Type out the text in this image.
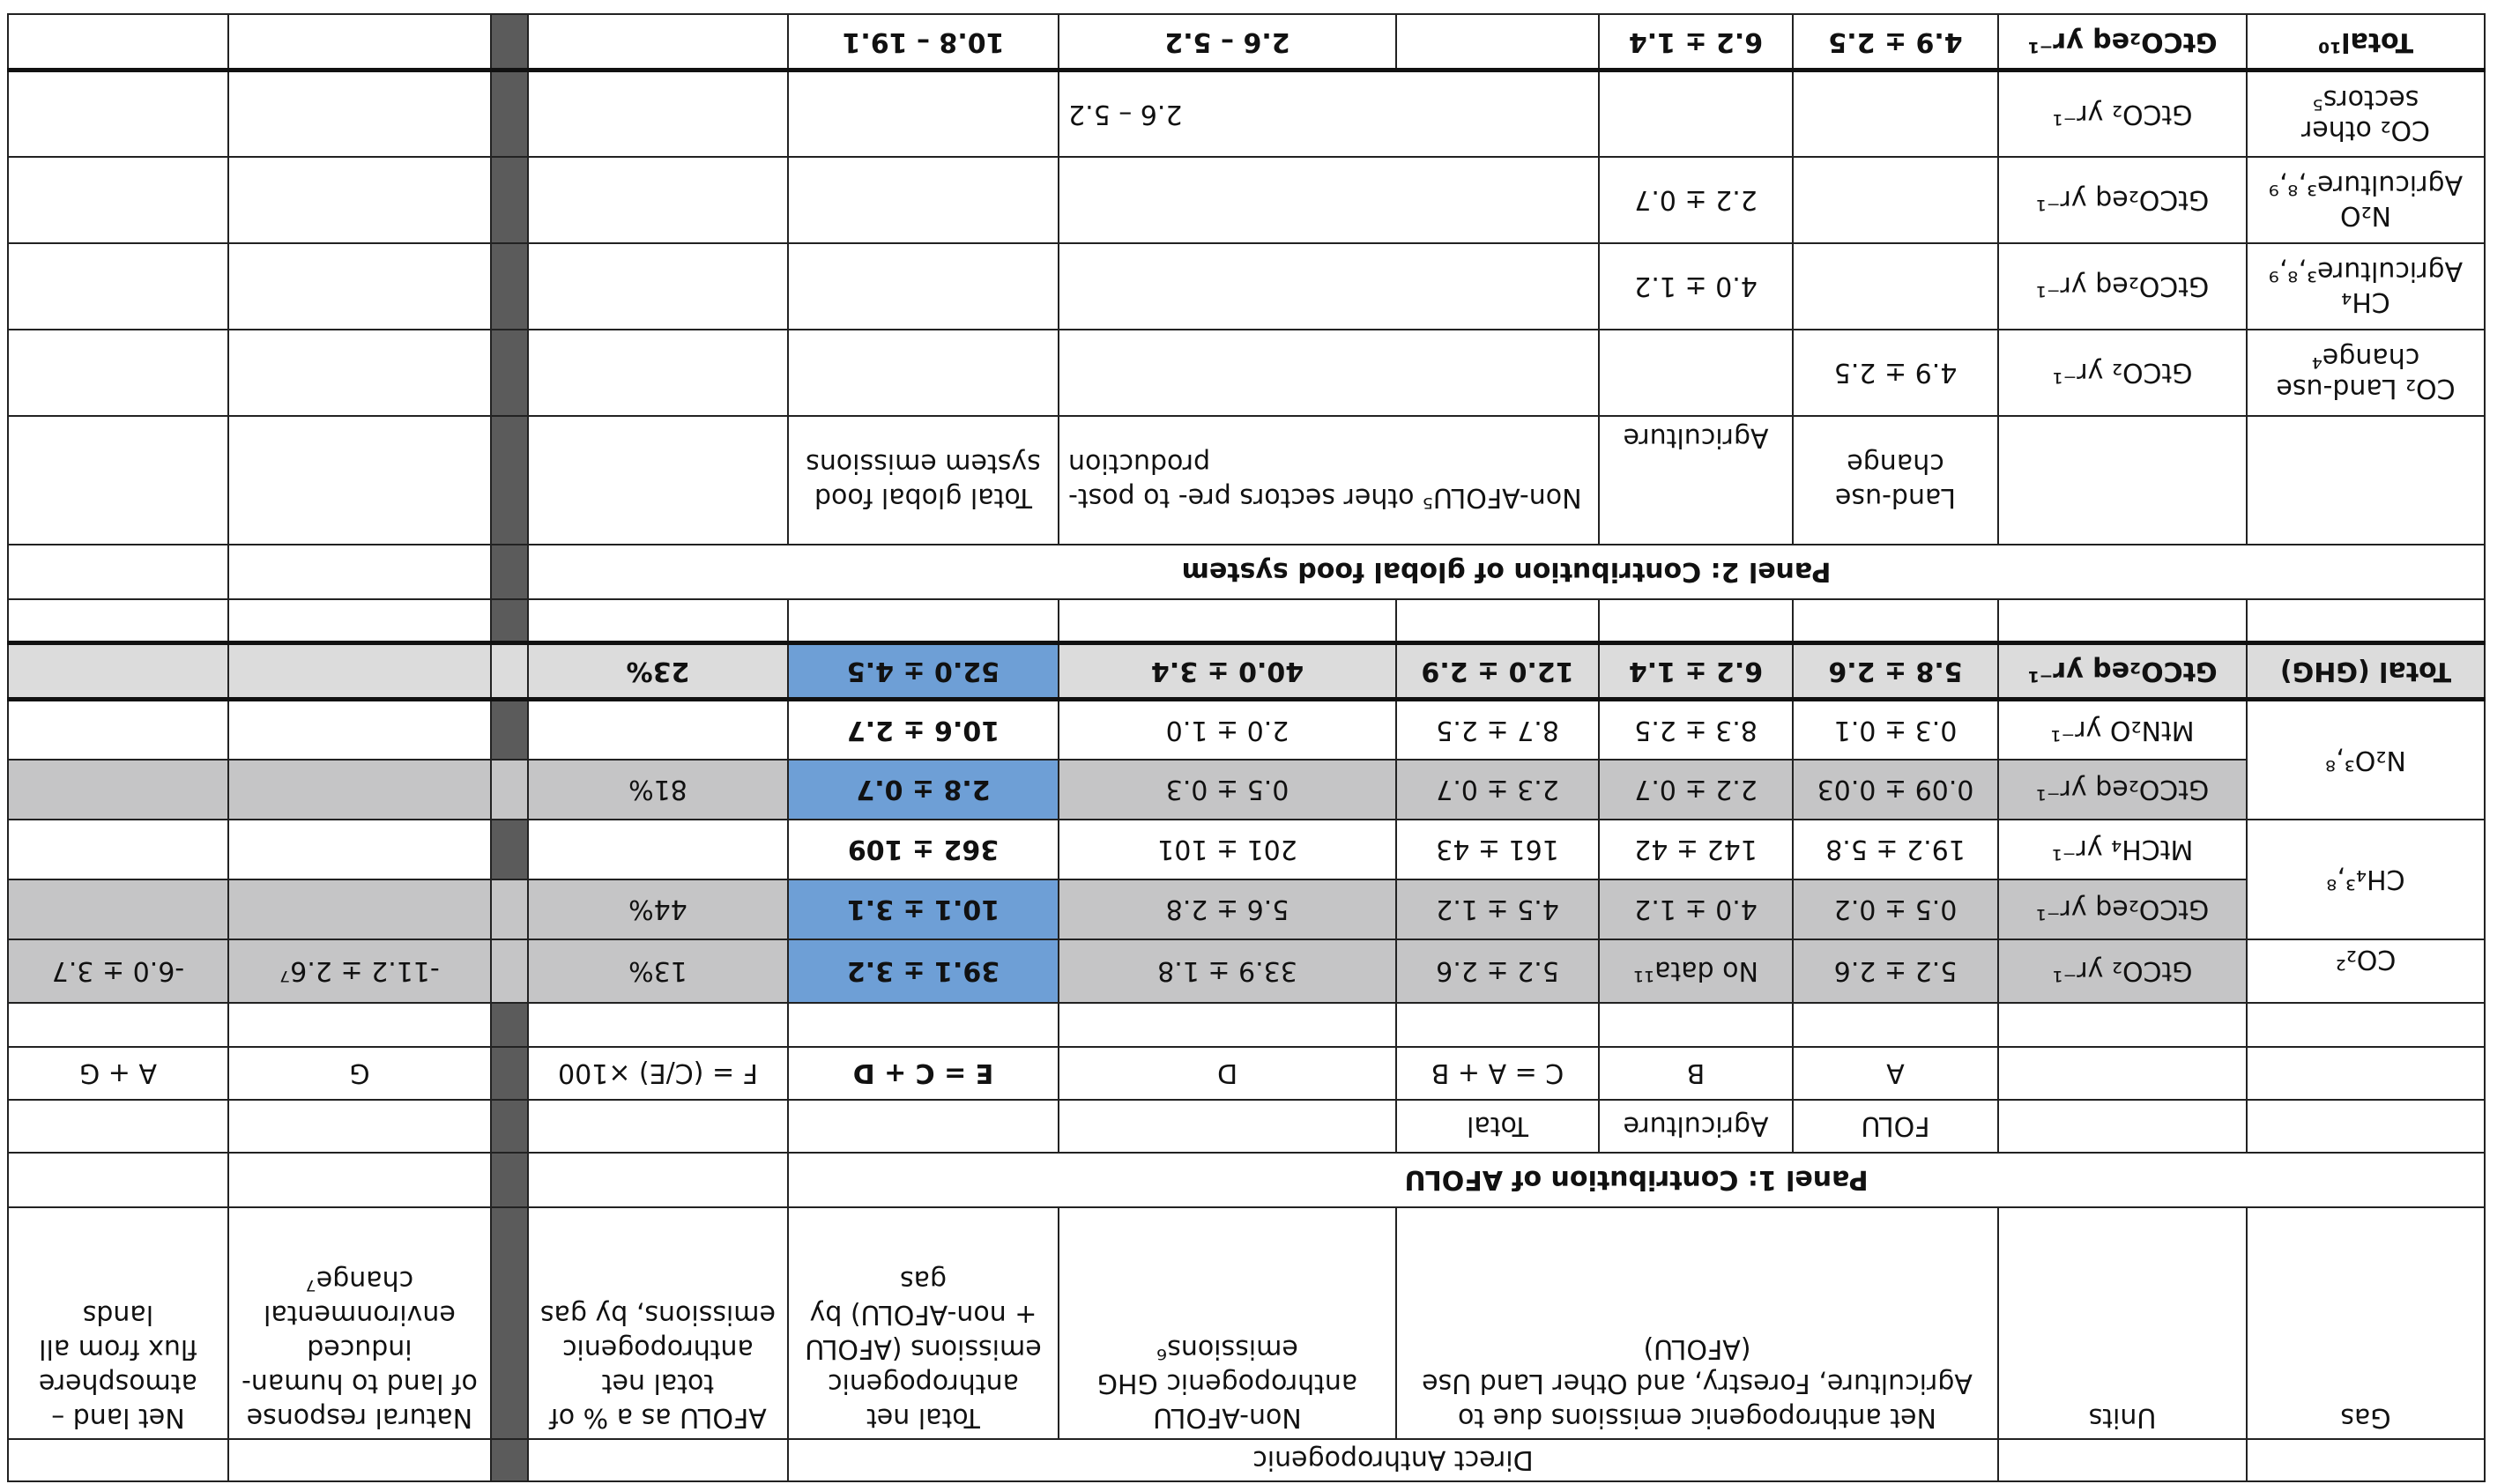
		Direct Anthropogenic								
Gas	Units	Net anthropogenic emissions due to Agriculture, Forestry, and Other Land Use (AFOLU)			Non-AFOLU anthropogenic GHG emissions⁶	Total net anthropogenic emissions (AFOLU + non-AFOLU) by gas	AFOLU as a % of total net anthropogenic emissions, by gas		Natural response of land to human-induced environmental change⁷	Net land – atmosphere flux from all lands
Panel 1: Contribution of AFOLU										
		FOLU	Agriculture	Total						
		A	B	C = A + B	D	E = C + D	F = (C/E) ×100		G	A + G

CO₂²	GtCO₂ yr⁻¹	5.2 ± 2.6	No data¹¹	5.2 ± 2.6	33.9 ± 1.8	39.1 ± 3.2	13%		-11.2 ± 2.6⁷	-6.0 ± 3.7
CH₄³,⁸	GtCO₂eq yr⁻¹	0.5 ± 0.2	4.0 ± 1.2	4.5 ± 1.2	5.6 ± 2.8	10.1 ± 3.1	44%			
	MtCH₄ yr⁻¹	19.2 ± 5.8	142 ± 42	161 ± 43	201 ± 101	362 ± 109				
N₂O³,⁸	GtCO₂eq yr⁻¹	0.09 ± 0.03	2.2 ± 0.7	2.3 ± 0.7	0.5 ± 0.3	2.8 ± 0.7	81%			
	MtN₂O yr⁻¹	0.3 ± 0.1	8.3 ± 2.5	8.7 ± 2.5	2.0 ± 1.0	10.6 ± 2.7				
Total (GHG)	GtCO₂eq yr⁻¹	5.8 ± 2.6	6.2 ± 1.4	12.0 ± 2.9	40.0 ± 3.4	52.0 ± 4.5	23%			

Panel 2: Contribution of global food system										
		Land-use change	Agriculture	Non-AFOLU⁵ other sectors pre- to post-production		Total global food system emissions				
CO₂ Land-use change⁴	GtCO₂ yr⁻¹	4.9 ± 2.5								
CH₄ Agriculture³,⁸,⁹	GtCO₂eq yr⁻¹		4.0 ± 1.2							
N₂O Agriculture³,⁸,⁹	GtCO₂eq yr⁻¹		2.2 ± 0.7							
CO₂ other sectors⁵	GtCO₂ yr⁻¹			2.6 – 5.2						
Total¹⁰	GtCO₂eq yr⁻¹	4.9 ± 2.5	6.2 ± 1.4		2.6 – 5.2	10.8 – 19.1				
